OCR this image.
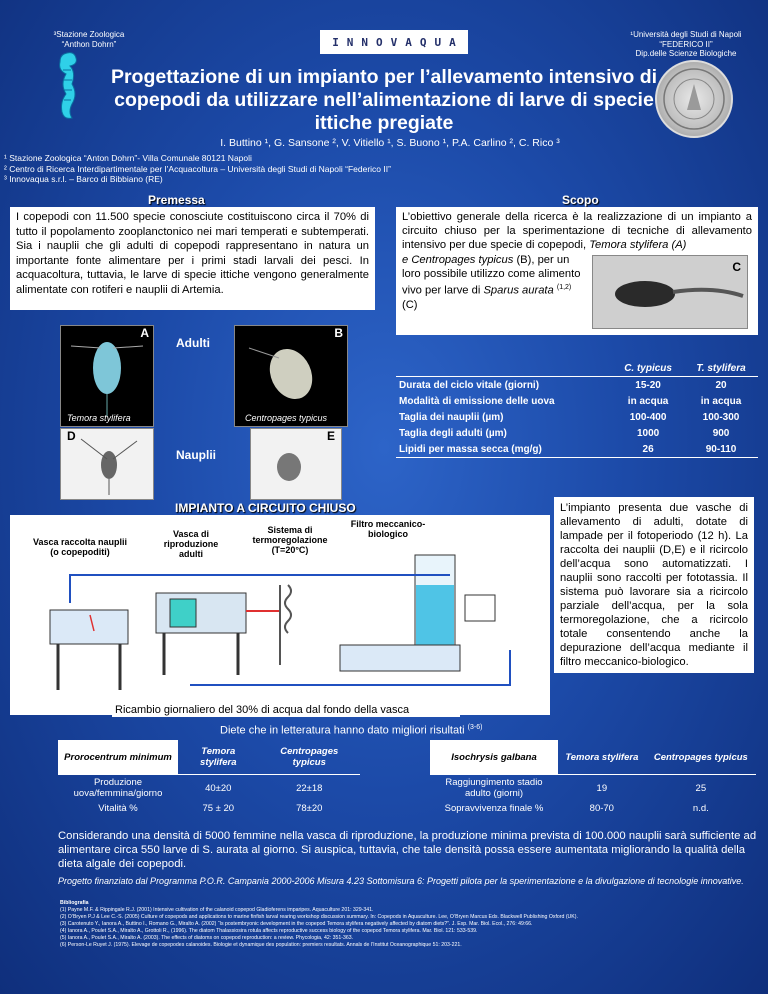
³Stazione Zoologica
“Anthon Dohrn”	INNOVAQUA
¹Università degli Studi di Napoli
“FEDERICO II”
Dip.delle Scienze Biologiche
Progettazione di un impianto per l’allevamento intensivo di copepodi da utilizzare nell’alimentazione di larve di specie ittiche pregiate
I. Buttino ¹, G. Sansone ², V. Vitiello ¹, S. Buono ¹, P.A. Carlino ², C. Rico ³
¹ Stazione Zoologica “Anton Dohrn”- Villa Comunale 80121 Napoli
² Centro di Ricerca Interdipartimentale per l’Acquacoltura – Università degli Studi di Napoli “Federico II”
³ Innovaqua s.r.l. – Barco di Bibbiano (RE)
Premessa
I copepodi con 11.500 specie conosciute costituiscono circa il 70% di tutto il popolamento zooplanctonico nei mari temperati e subtemperati. Sia i nauplii che gli adulti di copepodi rappresentano in natura un importante fonte alimentare per i primi stadi larvali dei pesci. In acquacoltura, tuttavia, le larve di specie ittiche vengono generalmente alimentate con rotiferi e nauplii di Artemia.
Scopo
L’obiettivo generale della ricerca è la realizzazione di un impianto a circuito chiuso per la sperimentazione di tecniche di allevamento intensivo per due specie di copepodi, Temora stylifera (A)
e Centropages typicus (B), per un loro possibile utilizzo come alimento vivo per larve di Sparus aurata $^{(1,2)}$ (C)
C
A
Temora stylifera
Adulti
B
Centropages typicus
D
Nauplii
E
	C. typicus	T. stylifera
Durata del ciclo vitale (giorni)	15-20	20
Modalità di emissione delle uova	in acqua	in acqua
Taglia dei nauplii (µm)	100-400	100-300
Taglia degli adulti (µm)	1000	900
Lipidi per massa secca (mg/g)	26	90-110
IMPIANTO A CIRCUITO CHIUSO
Vasca raccolta nauplii (o copepoditi)
Vasca di riproduzione adulti
Sistema di termoregolazione (T=20°C)
Filtro meccanico-biologico
Ricambio giornaliero del 30% di acqua dal fondo della vasca
L’impianto presenta due vasche di allevamento di adulti, dotate di lampade per il fotoperiodo (12 h). La raccolta dei nauplii (D,E) e il ricircolo dell’acqua sono automatizzati. I nauplii sono raccolti per fototassia. Il sistema può lavorare sia a ricircolo parziale dell’acqua, per la sola termoregolazione, che a ricircolo totale consentendo anche la depurazione dell’acqua mediante il filtro meccanico-biologico.
Diete che in letteratura hanno dato migliori risultati $^{(3-6)}$
Prorocentrum minimum	Temora stylifera	Centropages typicus
Produzione uova/femmina/giorno	40±20	22±18
Vitalità %	75 ± 20	78±20
Isochrysis galbana	Temora stylifera	Centropages typicus
Raggiungimento stadio adulto (giorni)	19	25
Sopravvivenza finale %	80-70	n.d.
Considerando una densità di 5000 femmine nella vasca di riproduzione, la produzione minima prevista di 100.000 nauplii sarà sufficiente ad alimentare circa 550 larve di S. aurata al giorno. Si auspica, tuttavia, che tale densità possa essere aumentata migliorando la qualità della dieta algale dei copepodi.
Progetto finanziato dal Programma P.O.R. Campania 2000-2006 Misura 4.23 Sottomisura 6: Progetti pilota per la sperimentazione e la divulgazione di tecnologie innovative.
Bibliografia
(1) Payne M.F. & Rippingale R.J. (2001) Intensive cultivation of the calanoid copepod Gladioferens imparipes. Aquaculture 201: 329-341.
(2) O’Bryen P.J & Lee C.-S. (2005) Culture of copepods and applications to marine finfish larval rearing workshop discussion summary. In: Copepods in Aquaculture. Lee, O’Bryen Marcus Eds. Blackwell Publishing Oxford (UK).
(3) Carotenuto Y., Ianora A., Buttino I., Romano G., Miralto A. (2002) “Is postembryonic development in the copepod Temora stylifera negatively affected by diatom diets?”. J. Exp. Mar. Biol. Ecol., 276: 49:66.
(4) Ianora A., Poulet S.A., Miralto A., Grottoli R., (1996). The diatom Thalassiosira rotula affects reproductive success biology of the copepod Temora stylifera. Mar. Biol. 121: 533-539.
(5) Ianora A., Poulet S.A., Miralto A. (2003). The effects of diatoms on copepod reproduction: a review. Phycologia, 42: 351-363.
(6) Person-Le Ruyet J. (1975). Elevage de copepodes calanoides. Biologie et dynamique des population: premiers resultats. Annals de l’Institut Oceanographique 51: 203-221.
